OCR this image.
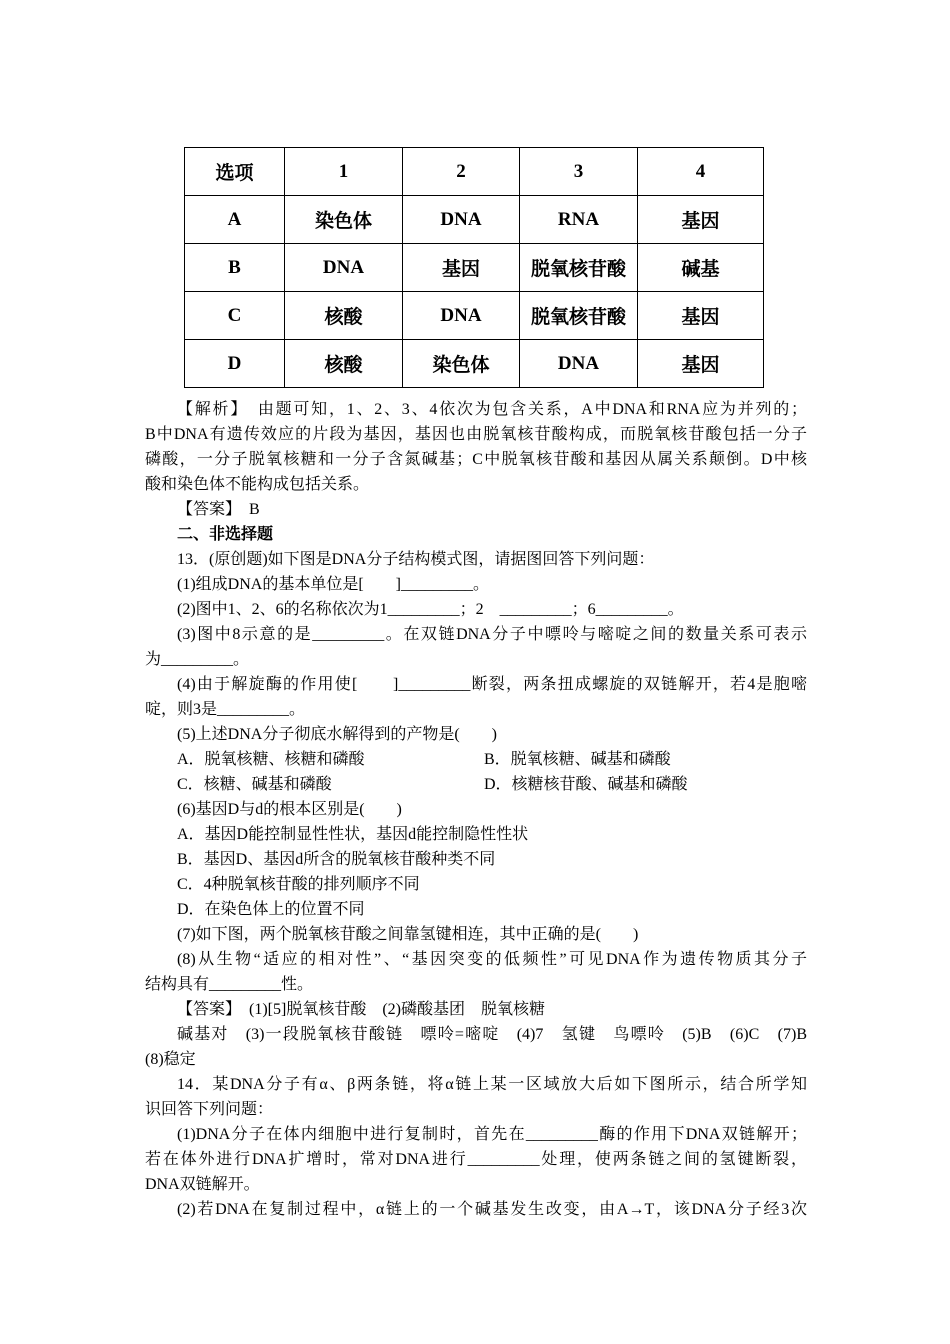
选项	1	2	3	4
A	染色体	DNA	RNA	基因
B	DNA	基因	脱氧核苷酸	碱基
C	核酸	DNA	脱氧核苷酸	基因
D	核酸	染色体	DNA	基因
【解析】　由题可知，1、2、3、4依次为包含关系，A中DNA和RNA应为并列的；
B中DNA有遗传效应的片段为基因，基因也由脱氧核苷酸构成，而脱氧核苷酸包括一分子
磷酸，一分子脱氧核糖和一分子含氮碱基；C中脱氧核苷酸和基因从属关系颠倒。D中核
酸和染色体不能构成包括关系。
【答案】　B
二、非选择题
13．(原创题)如下图是DNA分子结构模式图，请据图回答下列问题：
(1)组成DNA的基本单位是[　　]_________。
(2)图中1、2、6的名称依次为1_________；2　_________；6_________。
(3)图中8示意的是_________。在双链DNA分子中嘌呤与嘧啶之间的数量关系可表示
为_________。
(4)由于解旋酶的作用使[　　]_________断裂，两条扭成螺旋的双链解开，若4是胞嘧
啶，则3是_________。
(5)上述DNA分子彻底水解得到的产物是(　　)
A．脱氧核糖、核糖和磷酸	B．脱氧核糖、碱基和磷酸
C．核糖、碱基和磷酸	D．核糖核苷酸、碱基和磷酸
(6)基因D与d的根本区别是(　　)
A．基因D能控制显性性状，基因d能控制隐性性状
B．基因D、基因d所含的脱氧核苷酸种类不同
C．4种脱氧核苷酸的排列顺序不同
D．在染色体上的位置不同
(7)如下图，两个脱氧核苷酸之间靠氢键相连，其中正确的是(　　)
(8)从生物“适应的相对性”、“基因突变的低频性”可见DNA作为遗传物质其分子
结构具有_________性。
【答案】　(1)[5]脱氧核苷酸　(2)磷酸基团　脱氧核糖
碱基对　(3)一段脱氧核苷酸链　嘌呤=嘧啶　(4)7　氢键　鸟嘌呤　(5)B　(6)C　(7)B
(8)稳定
14．某DNA分子有α、β两条链，将α链上某一区域放大后如下图所示，结合所学知
识回答下列问题：
(1)DNA分子在体内细胞中进行复制时，首先在_________酶的作用下DNA双链解开；
若在体外进行DNA扩增时，常对DNA进行_________处理，使两条链之间的氢键断裂，
DNA双链解开。
(2)若DNA在复制过程中，α链上的一个碱基发生改变，由A→T，该DNA分子经3次
